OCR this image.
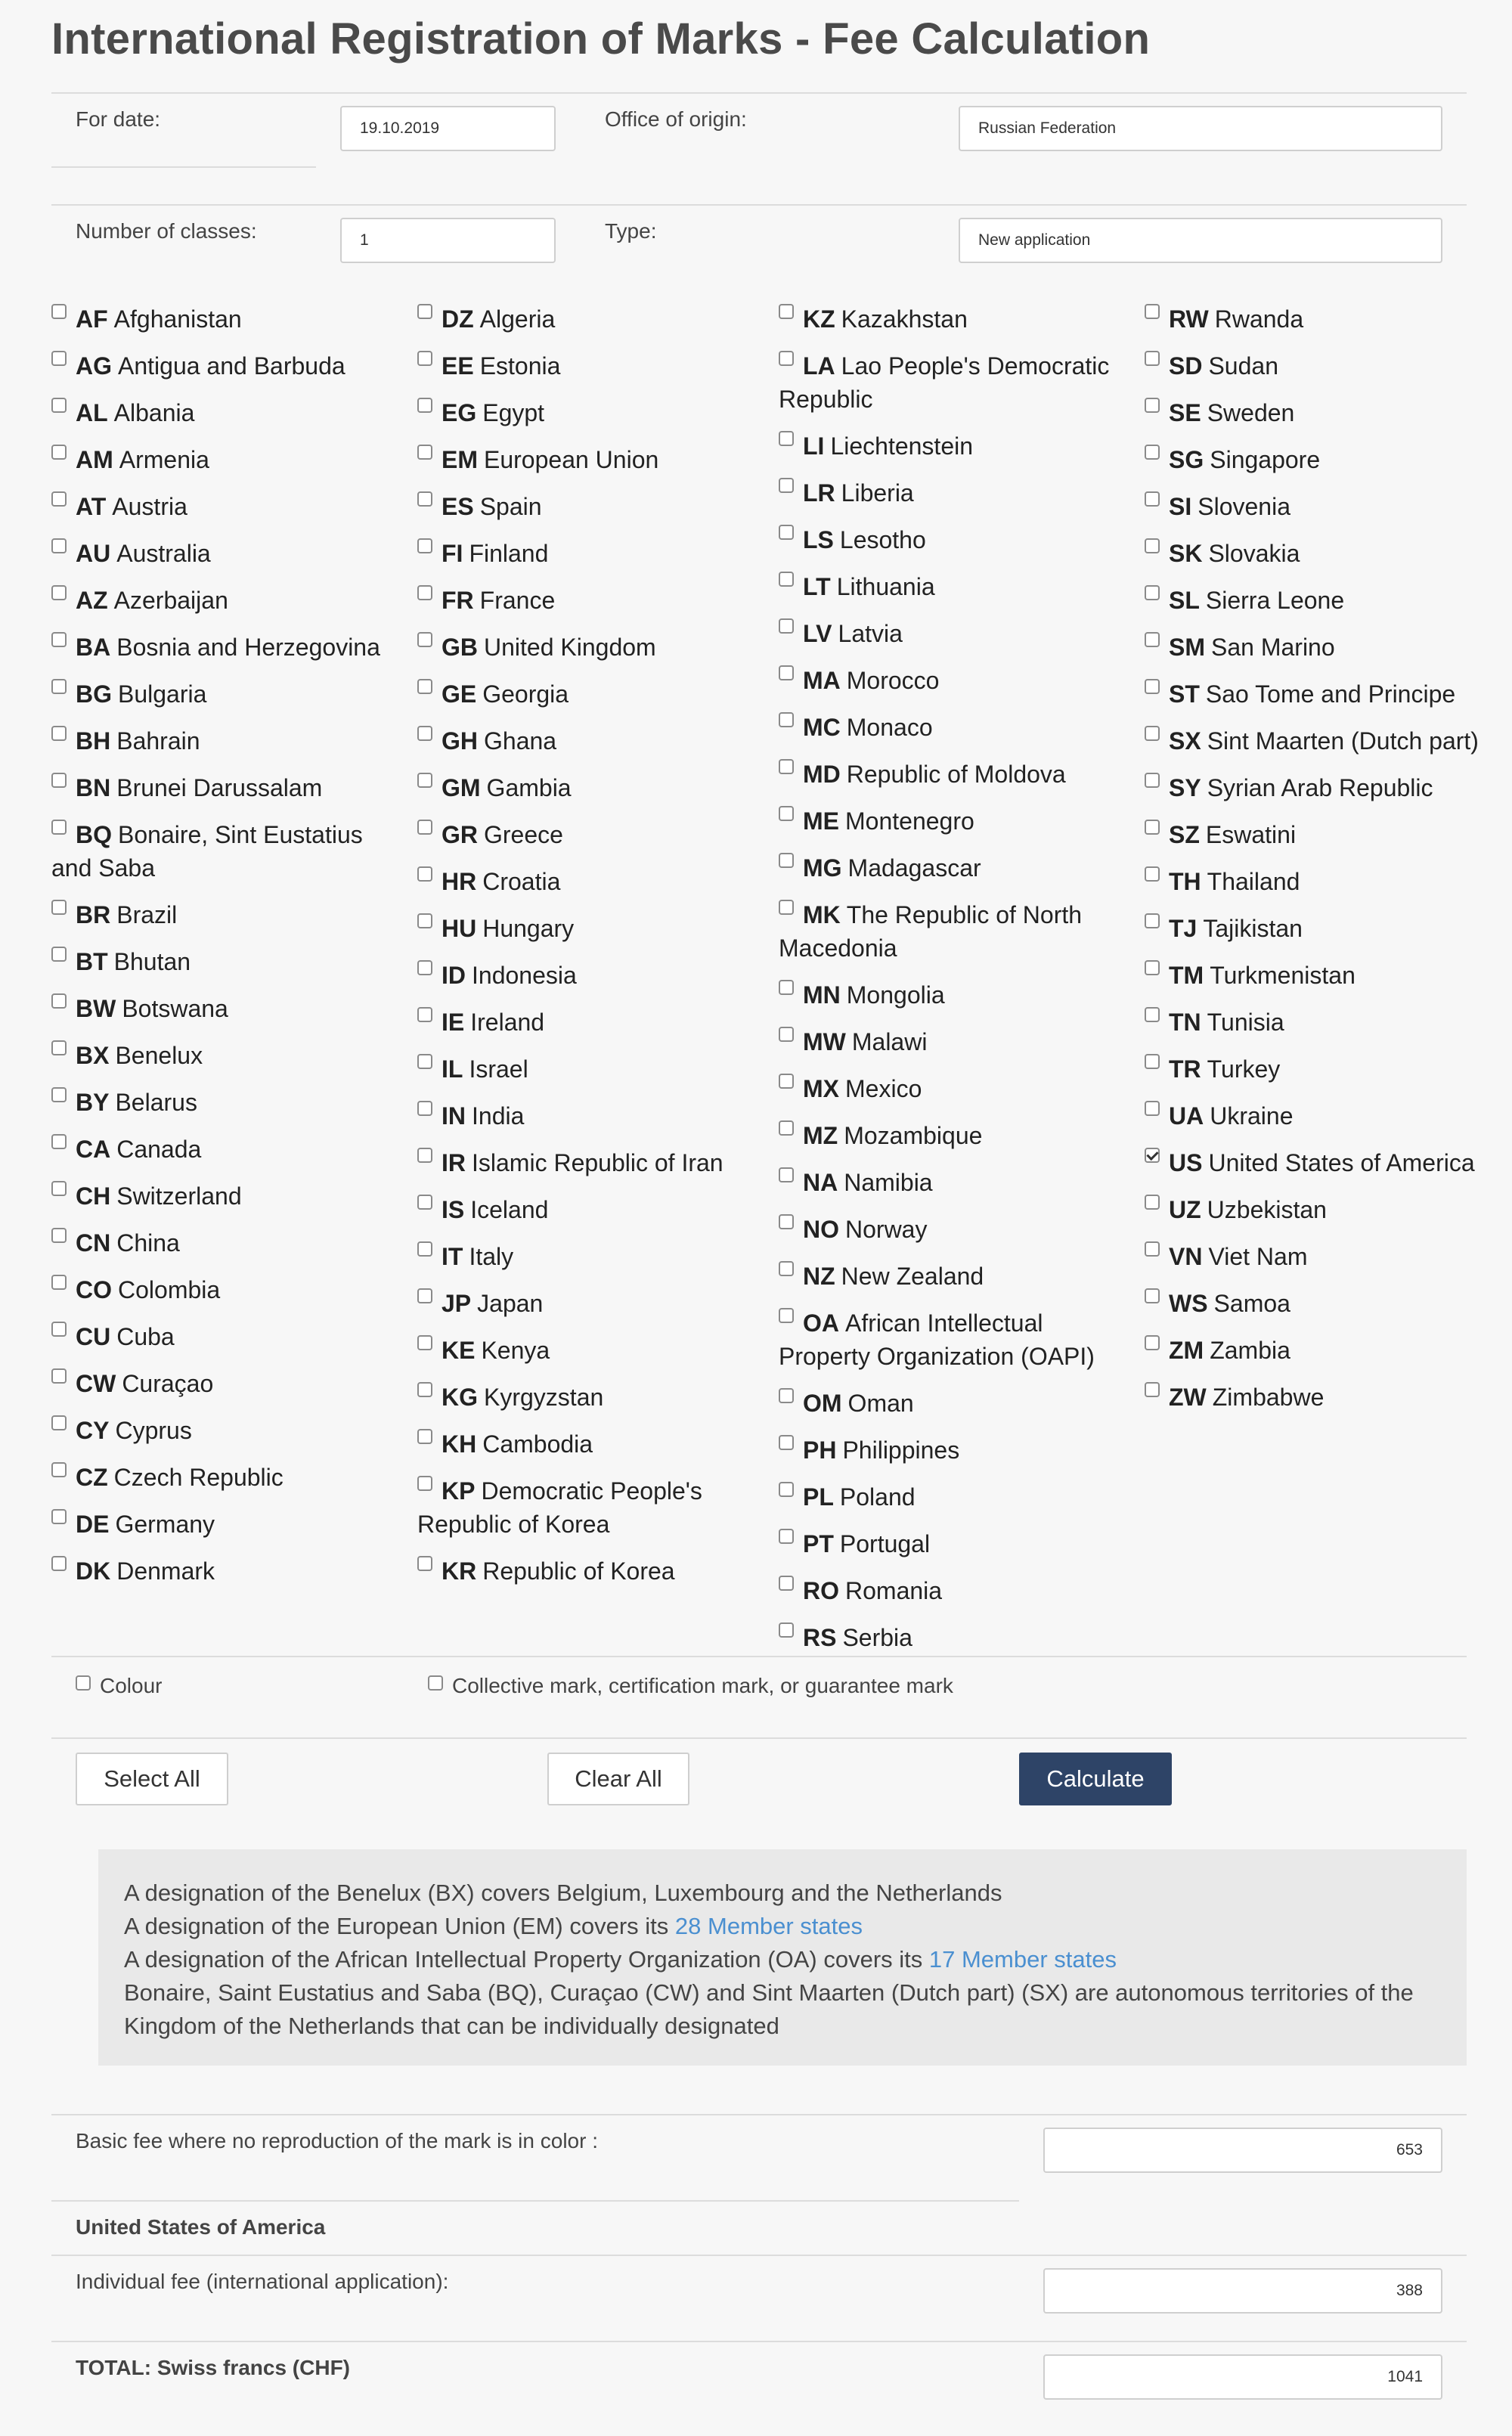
International Registration of Marks - Fee Calculation
For date:	19.10.2019	Office of origin:	Russian Federation
Number of classes:	1	Type:	New application
AF Afghanistan
AG Antigua and Barbuda
AL Albania
AM Armenia
AT Austria
AU Australia
AZ Azerbaijan
BA Bosnia and Herzegovina
BG Bulgaria
BH Bahrain
BN Brunei Darussalam
BQ Bonaire, Sint Eustatius and Saba
BR Brazil
BT Bhutan
BW Botswana
BX Benelux
BY Belarus
CA Canada
CH Switzerland
CN China
CO Colombia
CU Cuba
CW Curaçao
CY Cyprus
CZ Czech Republic
DE Germany
DK Denmark
DZ Algeria
EE Estonia
EG Egypt
EM European Union
ES Spain
FI Finland
FR France
GB United Kingdom
GE Georgia
GH Ghana
GM Gambia
GR Greece
HR Croatia
HU Hungary
ID Indonesia
IE Ireland
IL Israel
IN India
IR Islamic Republic of Iran
IS Iceland
IT Italy
JP Japan
KE Kenya
KG Kyrgyzstan
KH Cambodia
KP Democratic People's Republic of Korea
KR Republic of Korea
KZ Kazakhstan
LA Lao People's Democratic Republic
LI Liechtenstein
LR Liberia
LS Lesotho
LT Lithuania
LV Latvia
MA Morocco
MC Monaco
MD Republic of Moldova
ME Montenegro
MG Madagascar
MK The Republic of North Macedonia
MN Mongolia
MW Malawi
MX Mexico
MZ Mozambique
NA Namibia
NO Norway
NZ New Zealand
OA African Intellectual Property Organization (OAPI)
OM Oman
PH Philippines
PL Poland
PT Portugal
RO Romania
RS Serbia
RW Rwanda
SD Sudan
SE Sweden
SG Singapore
SI Slovenia
SK Slovakia
SL Sierra Leone
SM San Marino
ST Sao Tome and Principe
SX Sint Maarten (Dutch part)
SY Syrian Arab Republic
SZ Eswatini
TH Thailand
TJ Tajikistan
TM Turkmenistan
TN Tunisia
TR Turkey
UA Ukraine
US United States of America
UZ Uzbekistan
VN Viet Nam
WS Samoa
ZM Zambia
ZW Zimbabwe
Colour	Collective mark, certification mark, or guarantee mark
Select All	Clear All	Calculate

A designation of the Benelux (BX) covers Belgium, Luxembourg and the Netherlands

A designation of the European Union (EM) covers its 28 Member states

A designation of the African Intellectual Property Organization (OA) covers its 17 Member states

Bonaire, Saint Eustatius and Saba (BQ), Curaçao (CW) and Sint Maarten (Dutch part) (SX) are autonomous territories of the Kingdom of the Netherlands that can be individually designated

Basic fee where no reproduction of the mark is in color :	653
United States of America
Individual fee (international application):	388
TOTAL: Swiss francs (CHF)	1041
